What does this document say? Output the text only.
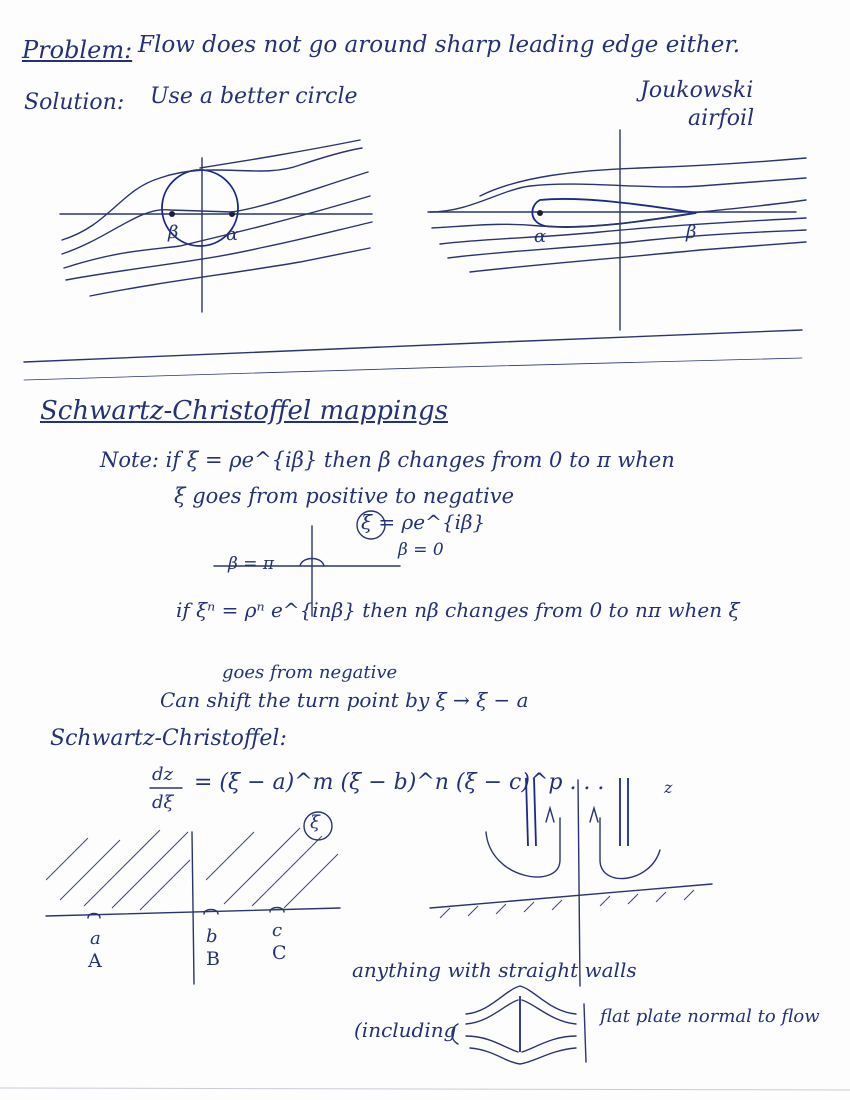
Problem: Flow does not go around sharp leading edge either.
Solution: Use a better circle	Joukowski
airfoil
β	α	α	β
Schwartz-Christoffel mappings
Note: if ξ = ρe^{iβ} then β changes from 0 to π when
ξ goes from positive to negative
ξ = ρe^{iβ}
β = π
β = 0
if ξⁿ = ρⁿ e^{inβ} then nβ changes from 0 to nπ when ξ
goes from negative
Can shift the turn point by ξ → ξ − a
Schwartz-Christoffel:
dz
dξ
= (ξ − a)^m (ξ − b)^n (ξ − c)^p . . .
ξ
a
A
b
B
c
C
z
anything with straight walls
(including
flat plate normal to flow
